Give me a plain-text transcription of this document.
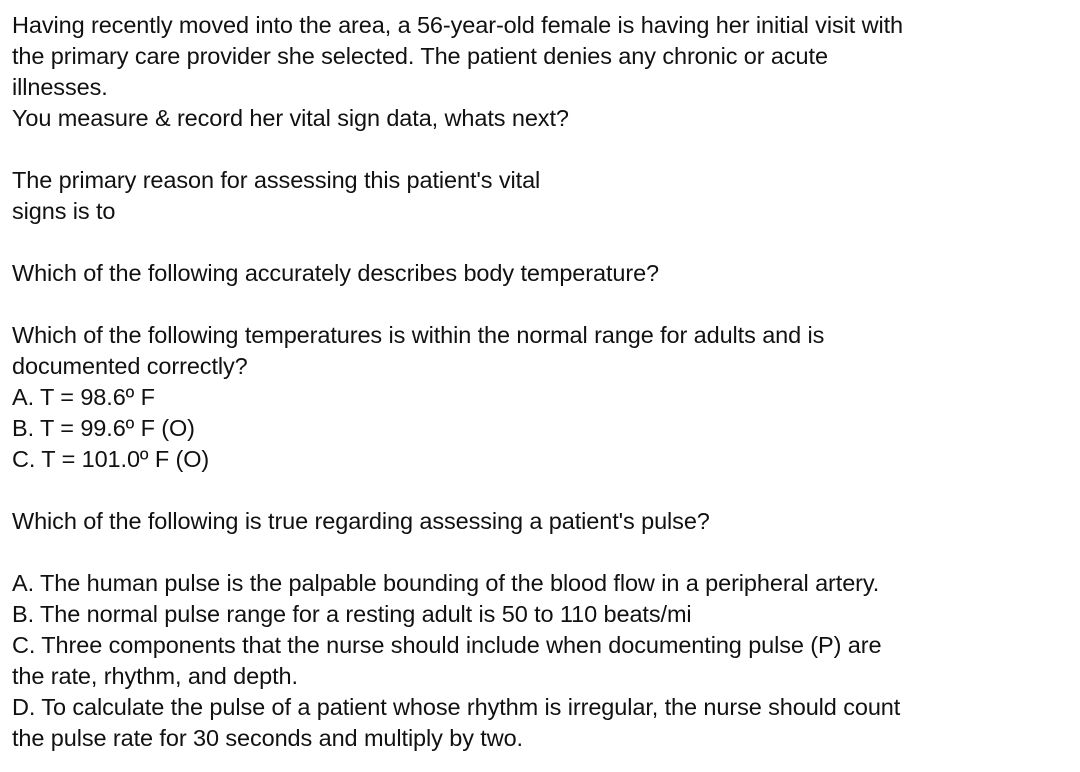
Having recently moved into the area, a 56-year-old female is having her initial visit with
the primary care provider she selected. The patient denies any chronic or acute
illnesses.
You measure & record her vital sign data, whats next?
The primary reason for assessing this patient's vital
signs is to
Which of the following accurately describes body temperature?
Which of the following temperatures is within the normal range for adults and is
documented correctly?
A. T = 98.6º F
B. T = 99.6º F (O)
C. T = 101.0º F (O)
Which of the following is true regarding assessing a patient's pulse?
A. The human pulse is the palpable bounding of the blood flow in a peripheral artery.
B. The normal pulse range for a resting adult is 50 to 110 beats/mi
C. Three components that the nurse should include when documenting pulse (P) are
the rate, rhythm, and depth.
D. To calculate the pulse of a patient whose rhythm is irregular, the nurse should count
the pulse rate for 30 seconds and multiply by two.
